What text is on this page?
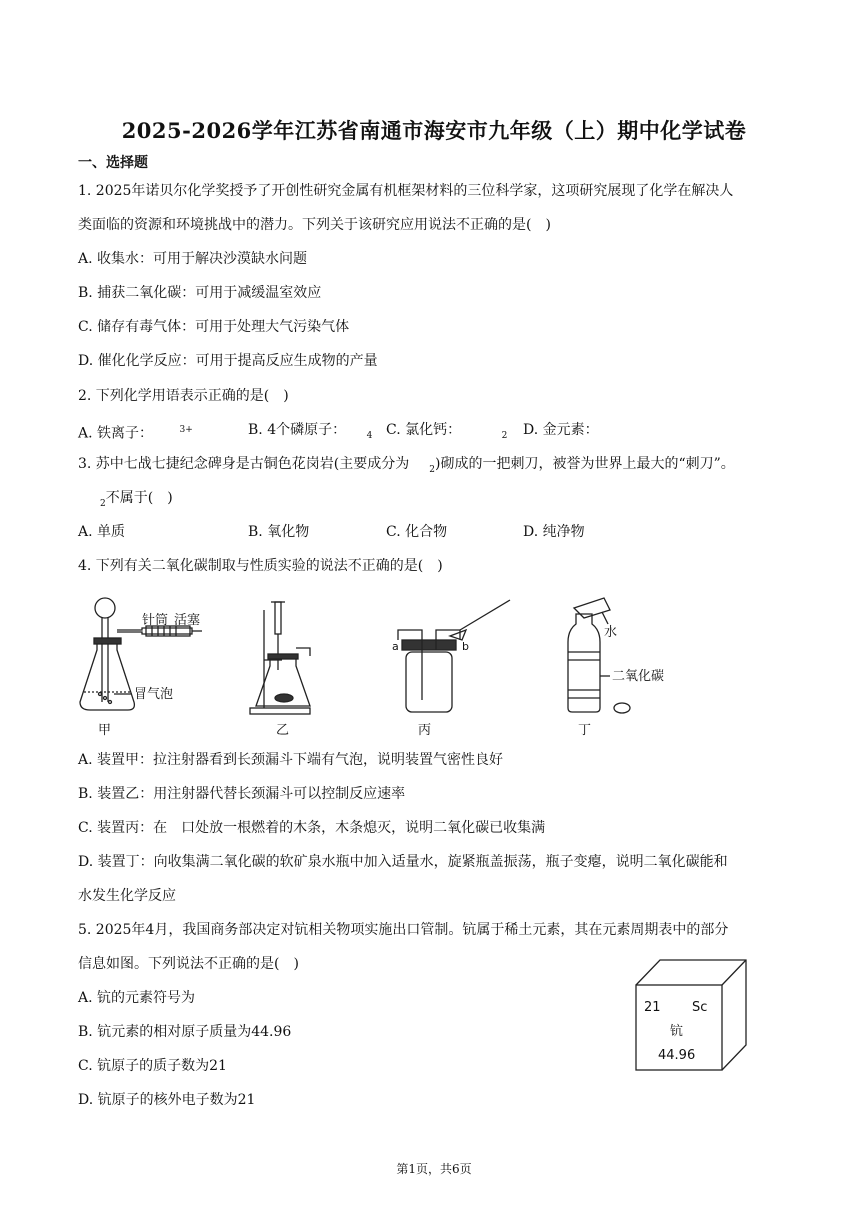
2025-2026学年江苏省南通市海安市九年级（上）期中化学试卷
一、选择题
1. 2025年诺贝尔化学奖授予了开创性研究金属有机框架材料的三位科学家，这项研究展现了化学在解决人
类面临的资源和环境挑战中的潜力。下列关于该研究应用说法不正确的是(　)
A. 收集水：可用于解决沙漠缺水问题
B. 捕获二氧化碳：可用于减缓温室效应
C. 储存有毒气体：可用于处理大气污染气体
D. 催化化学反应：可用于提高反应生成物的产量
2. 下列化学用语表示正确的是(　)
A. 铁离子：	$^{3+}$	B. 4个磷原子： $_4$ C. 氯化钙：	$_2$ D. 金元素：
3. 苏中七战七捷纪念碑身是古铜色花岗岩(主要成分为 $_2$)砌成的一把刺刀，被誉为世界上最大的“刺刀”。
$_2$不属于(　)
A. 单质	B. 氧化物	C. 化合物	D. 纯净物
4. 下列有关二氧化碳制取与性质实验的说法不正确的是(　)
针筒 活塞
冒气泡
甲	乙
a	b
丙
水
二氧化碳
丁
A. 装置甲：拉注射器看到长颈漏斗下端有气泡，说明装置气密性良好
B. 装置乙：用注射器代替长颈漏斗可以控制反应速率
C. 装置丙：在　口处放一根燃着的木条，木条熄灭，说明二氧化碳已收集满
D. 装置丁：向收集满二氧化碳的软矿泉水瓶中加入适量水，旋紧瓶盖振荡，瓶子变瘪，说明二氧化碳能和
水发生化学反应
5. 2025年4月，我国商务部决定对钪相关物项实施出口管制。钪属于稀土元素，其在元素周期表中的部分
信息如图。下列说法不正确的是(　)
A. 钪的元素符号为
B. 钪元素的相对原子质量为44.96
C. 钪原子的质子数为21
D. 钪原子的核外电子数为21
21 Sc
钪
44.96
第1页，共6页
